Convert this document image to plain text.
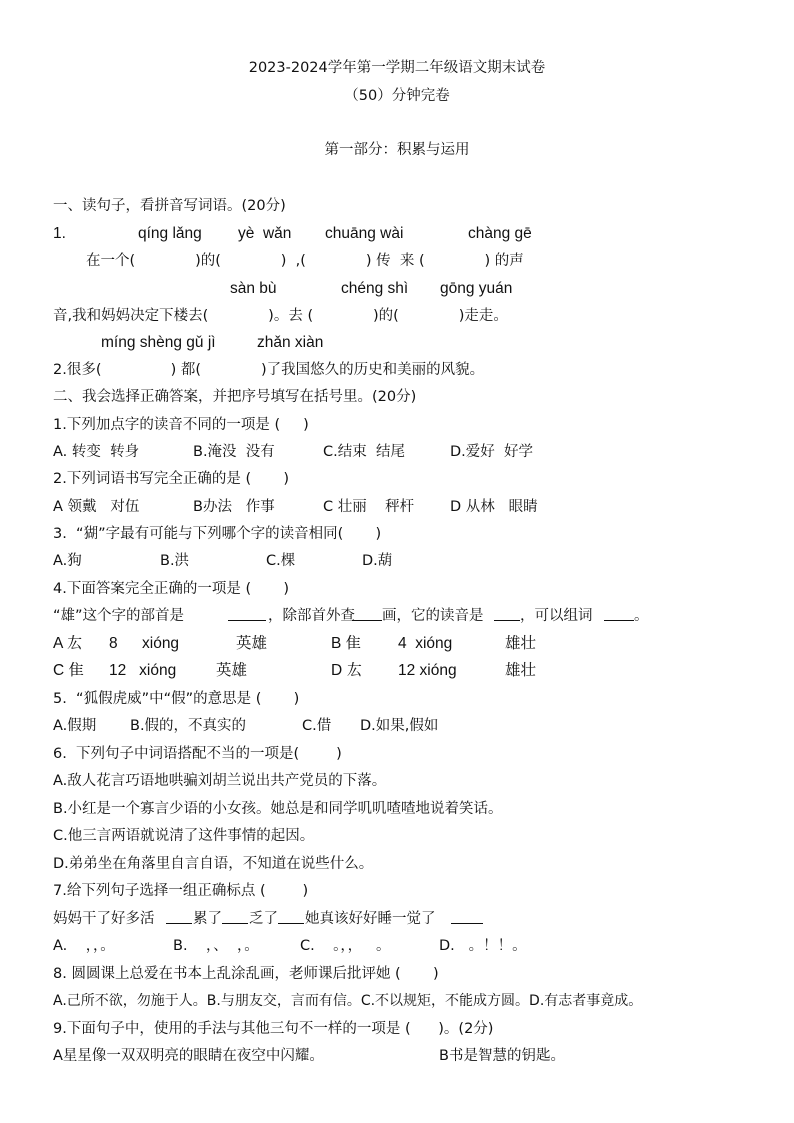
2023-2024学年第一学期二年级语文期末试卷
（50）分钟完卷
第一部分：积累与运用
一、读句子，看拼音写词语。(20分)
1.	qíng lǎng yè  wǎn chuāng wài	chàng gē
在一个(             )的(             )  ,(             ) 传  来 (             ) 的声
sàn bù	chéng shì gōng yuán
音,我和妈妈决定下楼去(             )。去 (             )的(             )走走。
míng shèng gǔ jì	zhǎn xiàn
2.很多(               ) 都(             )了我国悠久的历史和美丽的风貌。
二、我会选择正确答案，并把序号填写在括号里。(20分)
1.下列加点字的读音不同的一项是 (     )
A. 转变  转身	B.淹没  没有	C.结束  结尾	D.爱好  好学
2.下列词语书写完全正确的是 (       )
A 领戴   对伍	B办法   作事	C 壮丽    秤杆 D 从林   眼睛
3.  “猢”字最有可能与下列哪个字的读音相同(       )
A.狗	B.洪	C.棵	D.葫
4.下面答案完全正确的一项是 (       )
“雄”这个字的部首是	，除部首外查 画，它的读音是	，可以组词	。
A 厷 8 xióng	英雄	B 隹 4  xióng	雄壮
C 隹 12   xióng	英雄	D 厷 12 xióng	雄壮
5.  “狐假虎威”中“假”的意思是 (       )
A.假期 B.假的，不真实的	C.借 D.如果,假如
6.  下列句子中词语搭配不当的一项是(        )
A.敌人花言巧语地哄骗刘胡兰说出共产党员的下落。
B.小红是一个寡言少语的小女孩。她总是和同学叽叽喳喳地说着笑话。
C.他三言两语就说清了这件事情的起因。
D.弟弟坐在角落里自言自语，不知道在说些什么。
7.给下列句子选择一组正确标点 (        )
妈妈干了好多活	累了 乏了 她真该好好睡一觉了
A.    ，，。	B.    ，、  ，。	C.    。，，   。	D.   。！！。
8. 圆圆课上总爱在书本上乱涂乱画，老师课后批评她 (       )
A.己所不欲，勿施于人。B.与朋友交，言而有信。C.不以规矩，不能成方圆。D.有志者事竟成。
9.下面句子中，使用的手法与其他三句不一样的一项是 (      )。(2分)
A星星像一双双明亮的眼睛在夜空中闪耀。	B书是智慧的钥匙。
